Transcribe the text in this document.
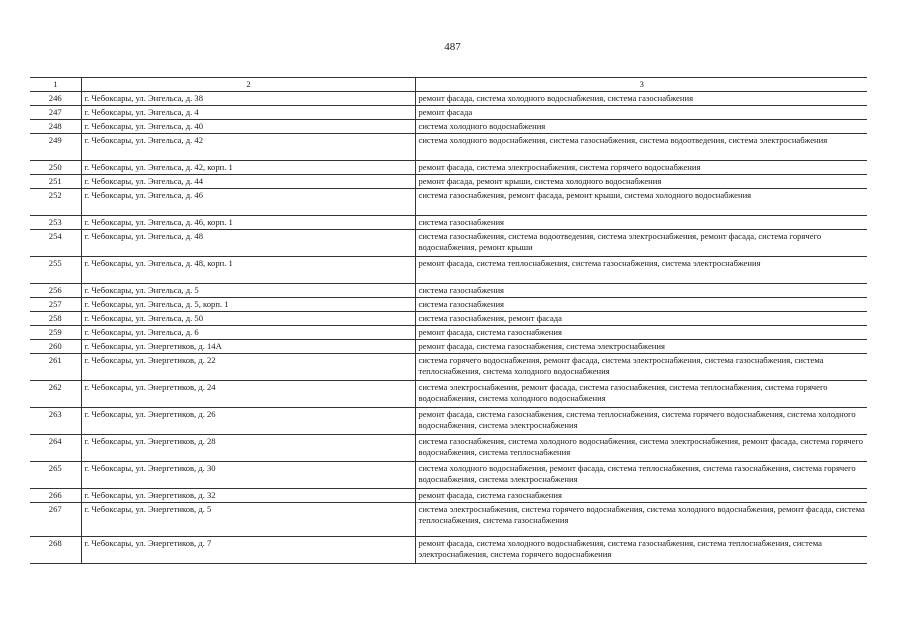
487
1	2	3
246	г. Чебоксары, ул. Энгельса, д. 38	ремонт фасада, система холодного водоснабжения, система газоснабжения
247	г. Чебоксары, ул. Энгельса, д. 4	ремонт фасада
248	г. Чебоксары, ул. Энгельса, д. 40	система холодного водоснабжения
249	г. Чебоксары, ул. Энгельса, д. 42	система холодного водоснабжения, система газоснабжения, система водоотведения, система электроснабжения
250	г. Чебоксары, ул. Энгельса, д. 42, корп. 1	ремонт фасада, система электроснабжения, система горячего водоснабжения
251	г. Чебоксары, ул. Энгельса, д. 44	ремонт фасада, ремонт крыши, система холодного водоснабжения
252	г. Чебоксары, ул. Энгельса, д. 46	система газоснабжения, ремонт фасада, ремонт крыши, система холодного водоснабжения
253	г. Чебоксары, ул. Энгельса, д. 46, корп. 1	система газоснабжения
254	г. Чебоксары, ул. Энгельса, д. 48	система газоснабжения, система водоотведения, система электроснабжения, ремонт фасада, система горячего водоснабжения, ремонт крыши
255	г. Чебоксары, ул. Энгельса, д. 48, корп. 1	ремонт фасада, система теплоснабжения, система газоснабжения, система электроснабжения
256	г. Чебоксары, ул. Энгельса, д. 5	система газоснабжения
257	г. Чебоксары, ул. Энгельса, д. 5, корп. 1	система газоснабжения
258	г. Чебоксары, ул. Энгельса, д. 50	система газоснабжения, ремонт фасада
259	г. Чебоксары, ул. Энгельса, д. 6	ремонт фасада, система газоснабжения
260	г. Чебоксары, ул. Энергетиков, д. 14А	ремонт фасада, система газоснабжения, система электроснабжения
261	г. Чебоксары, ул. Энергетиков, д. 22	система горячего водоснабжения, ремонт фасада, система электроснабжения, система газоснабжения, система теплоснабжения, система холодного водоснабжения
262	г. Чебоксары, ул. Энергетиков, д. 24	система электроснабжения, ремонт фасада, система газоснабжения, система теплоснабжения, система горячего водоснабжения, система холодного водоснабжения
263	г. Чебоксары, ул. Энергетиков, д. 26	ремонт фасада, система газоснабжения, система теплоснабжения, система горячего водоснабжения, система холодного водоснабжения, система электроснабжения
264	г. Чебоксары, ул. Энергетиков, д. 28	система газоснабжения, система холодного водоснабжения, система электроснабжения, ремонт фасада, система горячего водоснабжения, система теплоснабжения
265	г. Чебоксары, ул. Энергетиков, д. 30	система холодного водоснабжения, ремонт фасада, система теплоснабжения, система газоснабжения, система горячего водоснабжения, система электроснабжения
266	г. Чебоксары, ул. Энергетиков, д. 32	ремонт фасада, система газоснабжения
267	г. Чебоксары, ул. Энергетиков, д. 5	система электроснабжения, система горячего водоснабжения, система холодного водоснабжения, ремонт фасада, система теплоснабжения, система газоснабжения
268	г. Чебоксары, ул. Энергетиков, д. 7	ремонт фасада, система холодного водоснабжения, система газоснабжения, система теплоснабжения, система электроснабжения, система горячего водоснабжения
